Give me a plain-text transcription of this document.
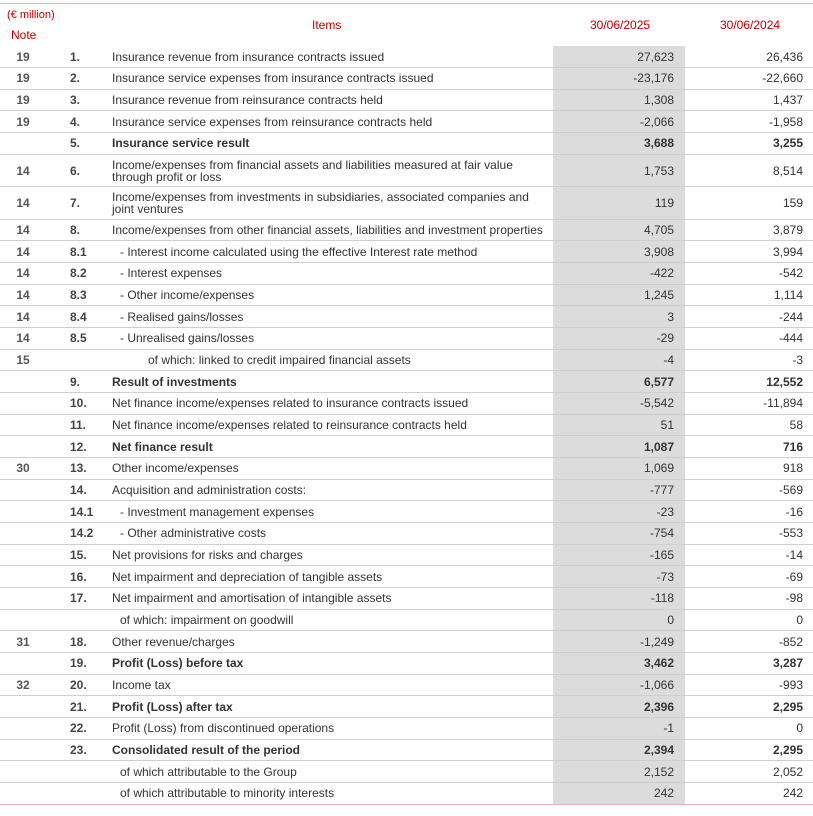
(€ million)
Note
Items	30/06/2025	30/06/2024
19	1.	Insurance revenue from insurance contracts issued	27,623	26,436
19	2.	Insurance service expenses from insurance contracts issued	-23,176	-22,660
19	3.	Insurance revenue from reinsurance contracts held	1,308	1,437
19	4.	Insurance service expenses from reinsurance contracts held	-2,066	-1,958
	5.	Insurance service result	3,688	3,255
14	6.	Income/expenses from financial assets and liabilities measured at fair value through profit or loss	1,753	8,514
14	7.	Income/expenses from investments in subsidiaries, associated companies and joint ventures	119	159
14	8.	Income/expenses from other financial assets, liabilities and investment properties	4,705	3,879
14	8.1	- Interest income calculated using the effective Interest rate method	3,908	3,994
14	8.2	- Interest expenses	-422	-542
14	8.3	- Other income/expenses	1,245	1,114
14	8.4	- Realised gains/losses	3	-244
14	8.5	- Unrealised gains/losses	-29	-444
15		of which: linked to credit impaired financial assets	-4	-3
	9.	Result of investments	6,577	12,552
	10.	Net finance income/expenses related to insurance contracts issued	-5,542	-11,894
	11.	Net finance income/expenses related to reinsurance contracts held	51	58
	12.	Net finance result	1,087	716
30	13.	Other income/expenses	1,069	918
	14.	Acquisition and administration costs:	-777	-569
	14.1	- Investment management expenses	-23	-16
	14.2	- Other administrative costs	-754	-553
	15.	Net provisions for risks and charges	-165	-14
	16.	Net impairment and depreciation of tangible assets	-73	-69
	17.	Net impairment and amortisation of intangible assets	-118	-98
		of which: impairment on goodwill	0	0
31	18.	Other revenue/charges	-1,249	-852
	19.	Profit (Loss) before tax	3,462	3,287
32	20.	Income tax	-1,066	-993
	21.	Profit (Loss) after tax	2,396	2,295
	22.	Profit (Loss) from discontinued operations	-1	0
	23.	Consolidated result of the period	2,394	2,295
		of which attributable to the Group	2,152	2,052
		of which attributable to minority interests	242	242
